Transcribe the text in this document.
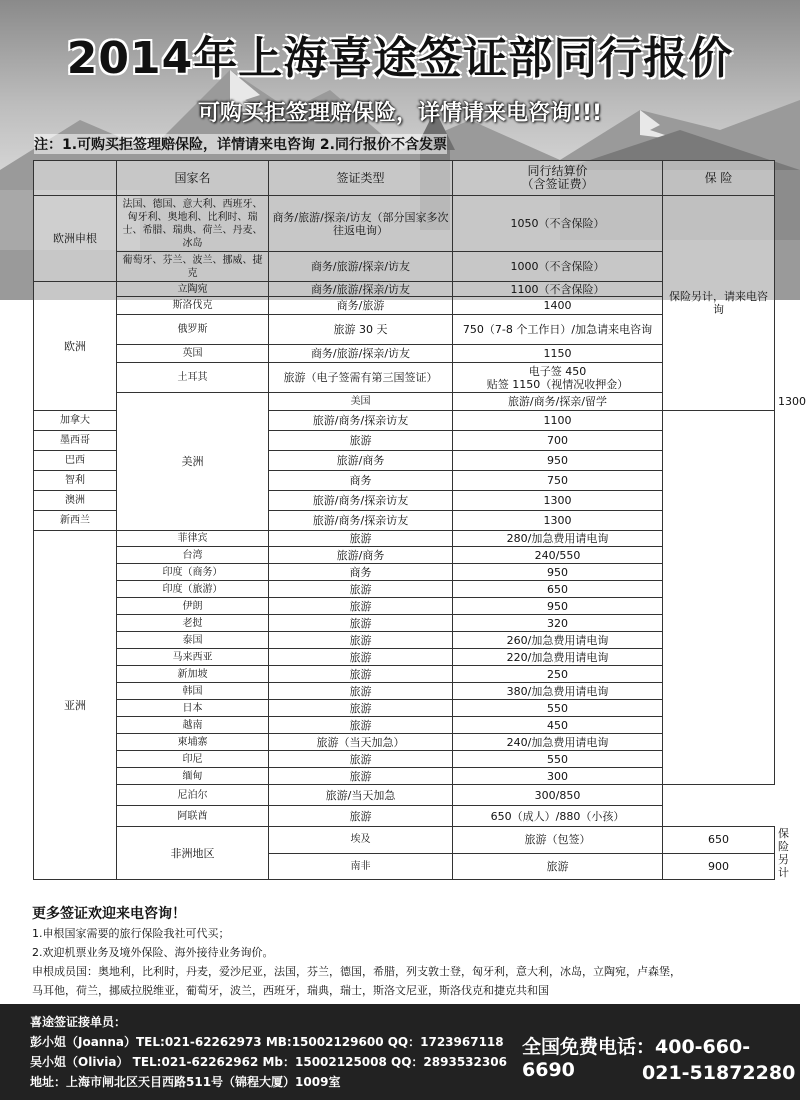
2014年上海喜途签证部同行报价
可购买拒签理赔保险，详情请来电咨询!!!
注：1.可购买拒签理赔保险，详情请来电咨询 2.同行报价不含发票
	国家名	签证类型	同行结算价
（含签证费）	保 险	
欧洲申根	法国、德国、意大利、西班牙、匈牙利、奥地利、比利时、瑞士、希腊、瑞典、荷兰、丹麦、冰岛	商务/旅游/探亲/访友（部分国家多次往返电询）	1050（不含保险）	保险另计，请来电咨询	
	葡萄牙、芬兰、波兰、挪威、捷克	商务/旅游/探亲/访友	1000（不含保险）		
欧洲	立陶宛	商务/旅游/探亲/访友	1100（不含保险）		
	斯洛伐克	商务/旅游	1400		
	俄罗斯	旅游 30 天	750（7-8 个工作日）/加急请来电咨询		
	英国	商务/旅游/探亲/访友	1150		
	土耳其	旅游（电子签需有第三国签证）	电子签 450
贴签 1150（视情况收押金）		
	美洲	美国	旅游/商务/探亲/留学		1300
加拿大		旅游/商务/探亲访友	1100		
墨西哥		旅游	700		
巴西		旅游/商务	950		
智利		商务	750		
澳洲		旅游/商务/探亲访友	1300		
新西兰		旅游/商务/探亲访友	1300		
亚洲	菲律宾	旅游	280/加急费用请电询		
	台湾	旅游/商务	240/550		
	印度（商务）	商务	950		
	印度（旅游）	旅游	650		
	伊朗	旅游	950		
	老挝	旅游	320		
	泰国	旅游	260/加急费用请电询		
	马来西亚	旅游	220/加急费用请电询		
	新加坡	旅游	250		
	韩国	旅游	380/加急费用请电询		
	日本	旅游	550		
	越南	旅游	450		
	柬埔寨	旅游（当天加急）	240/加急费用请电询		
	印尼	旅游	550		
	缅甸	旅游	300		
	尼泊尔	旅游/当天加急	300/850		
	阿联酋	旅游	650（成人）/880（小孩）		
	非洲地区	埃及	旅游（包签）	650	保险另计
		南非	旅游	900	
更多签证欢迎来电咨询！
1.申根国家需要的旅行保险我社可代买；
2.欢迎机票业务及境外保险、海外接待业务询价。
申根成员国：奥地利，比利时，丹麦，爱沙尼亚，法国，芬兰，德国，希腊，列支敦士登，匈牙利，意大利，冰岛，立陶宛，卢森堡，
马耳他，荷兰，挪威拉脱维亚，葡萄牙，波兰，西班牙，瑞典，瑞士，斯洛文尼亚，斯洛伐克和捷克共和国
喜途签证接单员：
彭小姐（Joanna）TEL:021-62262973 MB:15002129600 QQ：1723967118
吴小姐（Olivia） TEL:021-62262962 Mb：15002125008 QQ：2893532306
地址：上海市闸北区天目西路511号（锦程大厦）1009室
全国免费电话：400-660-6690	021-51872280
